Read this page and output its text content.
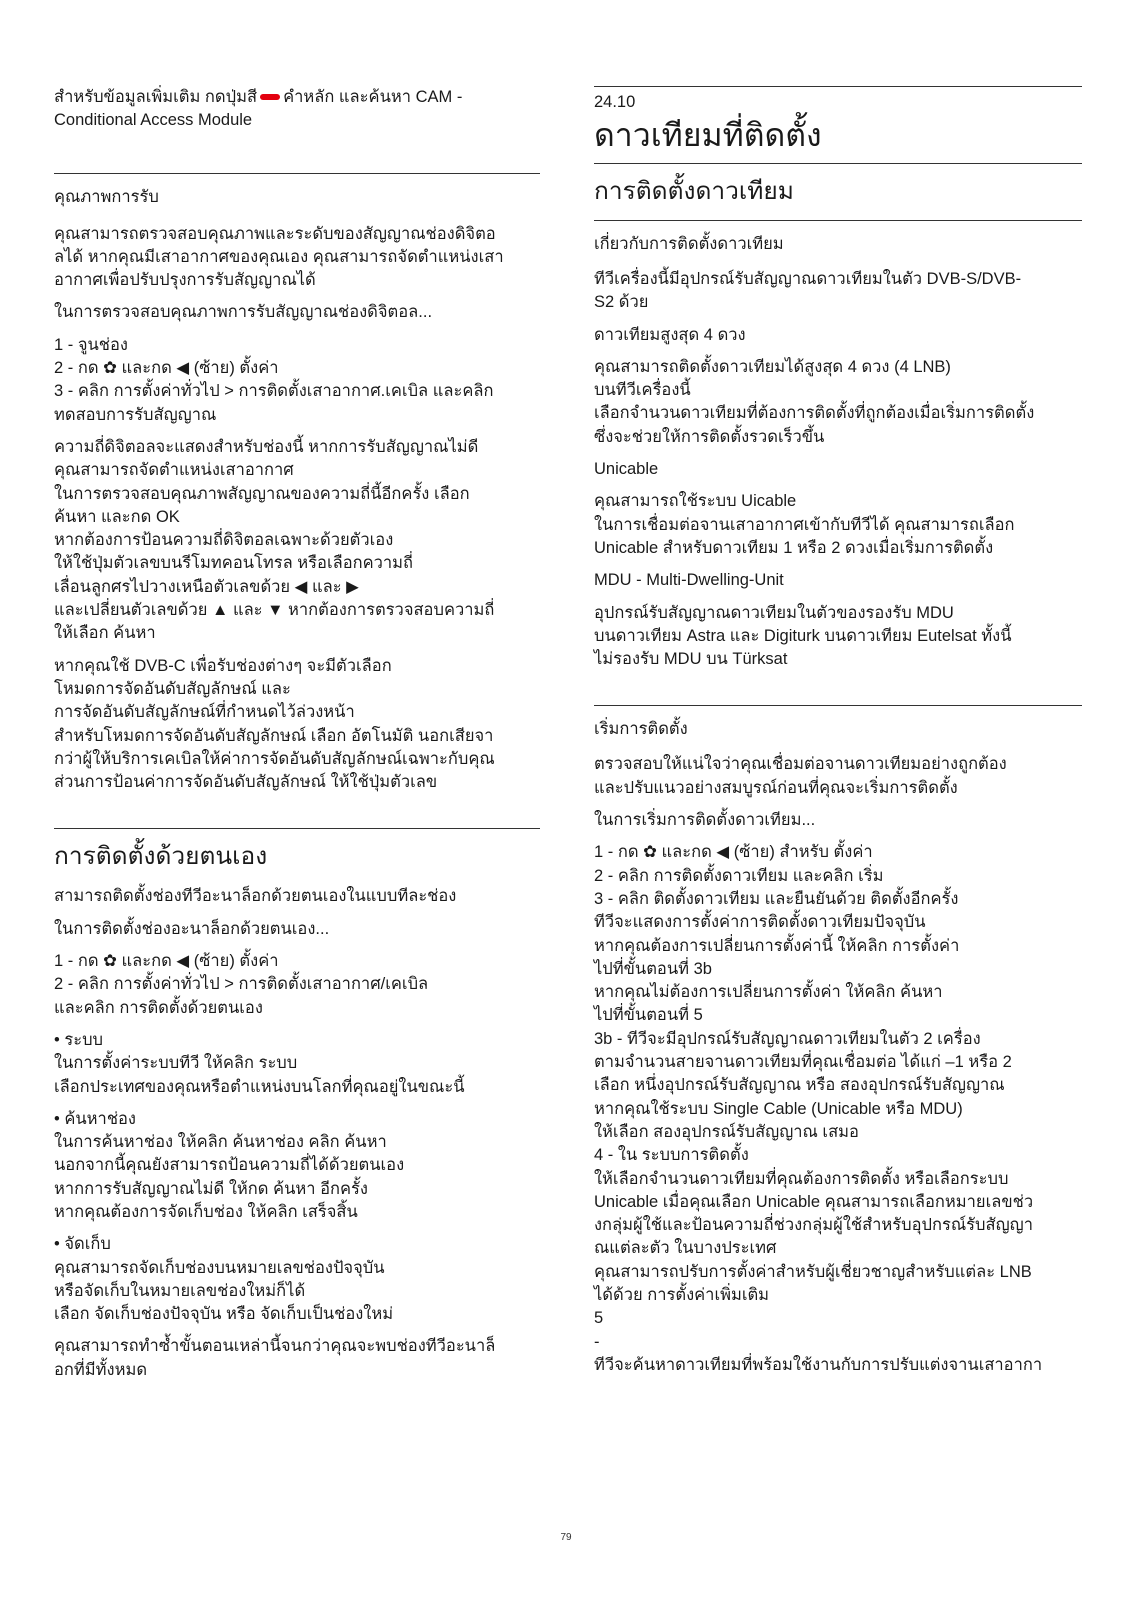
สำหรับข้อมูลเพิ่มเติม กดปุ่มสี คำหลัก และค้นหา CAM -
Conditional Access Module
คุณภาพการรับ

คุณสามารถตรวจสอบคุณภาพและระดับของสัญญาณช่องดิจิตอ
ลได้ หากคุณมีเสาอากาศของคุณเอง คุณสามารถจัดตำแหน่งเสา
อากาศเพื่อปรับปรุงการรับสัญญาณได้

ในการตรวจสอบคุณภาพการรับสัญญาณช่องดิจิตอล...

1 - จูนช่อง
2 - กด ✿ และกด ◀ (ซ้าย) ตั้งค่า
3 - คลิก การตั้งค่าทั่วไป > การติดตั้งเสาอากาศ.เคเบิล และคลิก
ทดสอบการรับสัญญาณ

ความถี่ดิจิตอลจะแสดงสำหรับช่องนี้ หากการรับสัญญาณไม่ดี
คุณสามารถจัดตำแหน่งเสาอากาศ
ในการตรวจสอบคุณภาพสัญญาณของความถี่นี้อีกครั้ง เลือก
ค้นหา และกด OK
หากต้องการป้อนความถี่ดิจิตอลเฉพาะด้วยตัวเอง
ให้ใช้ปุ่มตัวเลขบนรีโมทคอนโทรล หรือเลือกความถี่
เลื่อนลูกศรไปวางเหนือตัวเลขด้วย ◀ และ ▶
และเปลี่ยนตัวเลขด้วย ▲ และ ▼ หากต้องการตรวจสอบความถี่
ให้เลือก ค้นหา

หากคุณใช้ DVB-C เพื่อรับช่องต่างๆ จะมีตัวเลือก
โหมดการจัดอันดับสัญลักษณ์ และ
การจัดอันดับสัญลักษณ์ที่กำหนดไว้ล่วงหน้า
สำหรับโหมดการจัดอันดับสัญลักษณ์ เลือก อัตโนมัติ นอกเสียจา
กว่าผู้ให้บริการเคเบิลให้ค่าการจัดอันดับสัญลักษณ์เฉพาะกับคุณ
ส่วนการป้อนค่าการจัดอันดับสัญลักษณ์ ให้ใช้ปุ่มตัวเลข

การติดตั้งด้วยตนเอง

สามารถติดตั้งช่องทีวีอะนาล็อกด้วยตนเองในแบบทีละช่อง

ในการติดตั้งช่องอะนาล็อกด้วยตนเอง...

1 - กด ✿ และกด ◀ (ซ้าย) ตั้งค่า
2 - คลิก การตั้งค่าทั่วไป > การติดตั้งเสาอากาศ/เคเบิล
และคลิก การติดตั้งด้วยตนเอง

• ระบบ
ในการตั้งค่าระบบทีวี ให้คลิก ระบบ
เลือกประเทศของคุณหรือตำแหน่งบนโลกที่คุณอยู่ในขณะนี้

• ค้นหาช่อง
ในการค้นหาช่อง ให้คลิก ค้นหาช่อง คลิก ค้นหา
นอกจากนี้คุณยังสามารถป้อนความถี่ได้ด้วยตนเอง
หากการรับสัญญาณไม่ดี ให้กด ค้นหา อีกครั้ง
หากคุณต้องการจัดเก็บช่อง ให้คลิก เสร็จสิ้น

• จัดเก็บ
คุณสามารถจัดเก็บช่องบนหมายเลขช่องปัจจุบัน
หรือจัดเก็บในหมายเลขช่องใหม่ก็ได้
เลือก จัดเก็บช่องปัจจุบัน หรือ จัดเก็บเป็นช่องใหม่

คุณสามารถทำซ้ำขั้นตอนเหล่านี้จนกว่าคุณจะพบช่องทีวีอะนาล็
อกที่มีทั้งหมด

24.10
ดาวเทียมที่ติดตั้ง
การติดตั้งดาวเทียม
เกี่ยวกับการติดตั้งดาวเทียม

ทีวีเครื่องนี้มีอุปกรณ์รับสัญญาณดาวเทียมในตัว DVB-S/DVB-
S2 ด้วย

ดาวเทียมสูงสุด 4 ดวง

คุณสามารถติดตั้งดาวเทียมได้สูงสุด 4 ดวง (4 LNB)
บนทีวีเครื่องนี้
เลือกจำนวนดาวเทียมที่ต้องการติดตั้งที่ถูกต้องเมื่อเริ่มการติดตั้ง
ซึ่งจะช่วยให้การติดตั้งรวดเร็วขึ้น

Unicable

คุณสามารถใช้ระบบ Uicable
ในการเชื่อมต่อจานเสาอากาศเข้ากับทีวีได้ คุณสามารถเลือก
Unicable สำหรับดาวเทียม 1 หรือ 2 ดวงเมื่อเริ่มการติดตั้ง

MDU - Multi-Dwelling-Unit

อุปกรณ์รับสัญญาณดาวเทียมในตัวของรองรับ MDU
บนดาวเทียม Astra และ Digiturk บนดาวเทียม Eutelsat ทั้งนี้
ไม่รองรับ MDU บน Türksat

เริ่มการติดตั้ง

ตรวจสอบให้แน่ใจว่าคุณเชื่อมต่อจานดาวเทียมอย่างถูกต้อง
และปรับแนวอย่างสมบูรณ์ก่อนที่คุณจะเริ่มการติดตั้ง

ในการเริ่มการติดตั้งดาวเทียม...

1 - กด ✿ และกด ◀ (ซ้าย) สำหรับ ตั้งค่า
2 - คลิก การติดตั้งดาวเทียม และคลิก เริ่ม
3 - คลิก ติดตั้งดาวเทียม และยืนยันด้วย ติดตั้งอีกครั้ง
ทีวีจะแสดงการตั้งค่าการติดตั้งดาวเทียมปัจจุบัน
หากคุณต้องการเปลี่ยนการตั้งค่านี้ ให้คลิก การตั้งค่า
ไปที่ขั้นตอนที่ 3b
หากคุณไม่ต้องการเปลี่ยนการตั้งค่า ให้คลิก ค้นหา
ไปที่ขั้นตอนที่ 5
3b - ทีวีจะมีอุปกรณ์รับสัญญาณดาวเทียมในตัว 2 เครื่อง
ตามจำนวนสายจานดาวเทียมที่คุณเชื่อมต่อ ได้แก่ –1 หรือ 2
เลือก หนึ่งอุปกรณ์รับสัญญาณ หรือ สองอุปกรณ์รับสัญญาณ
หากคุณใช้ระบบ Single Cable (Unicable หรือ MDU)
ให้เลือก สองอุปกรณ์รับสัญญาณ เสมอ
4 - ใน ระบบการติดตั้ง
ให้เลือกจำนวนดาวเทียมที่คุณต้องการติดตั้ง หรือเลือกระบบ
Unicable เมื่อคุณเลือก Unicable คุณสามารถเลือกหมายเลขช่ว
งกลุ่มผู้ใช้และป้อนความถี่ช่วงกลุ่มผู้ใช้สำหรับอุปกรณ์รับสัญญา
ณแต่ละตัว ในบางประเทศ
คุณสามารถปรับการตั้งค่าสำหรับผู้เชี่ยวชาญสำหรับแต่ละ LNB
ได้ด้วย การตั้งค่าเพิ่มเติม
5
-
ทีวีจะค้นหาดาวเทียมที่พร้อมใช้งานกับการปรับแต่งจานเสาอากา

79
